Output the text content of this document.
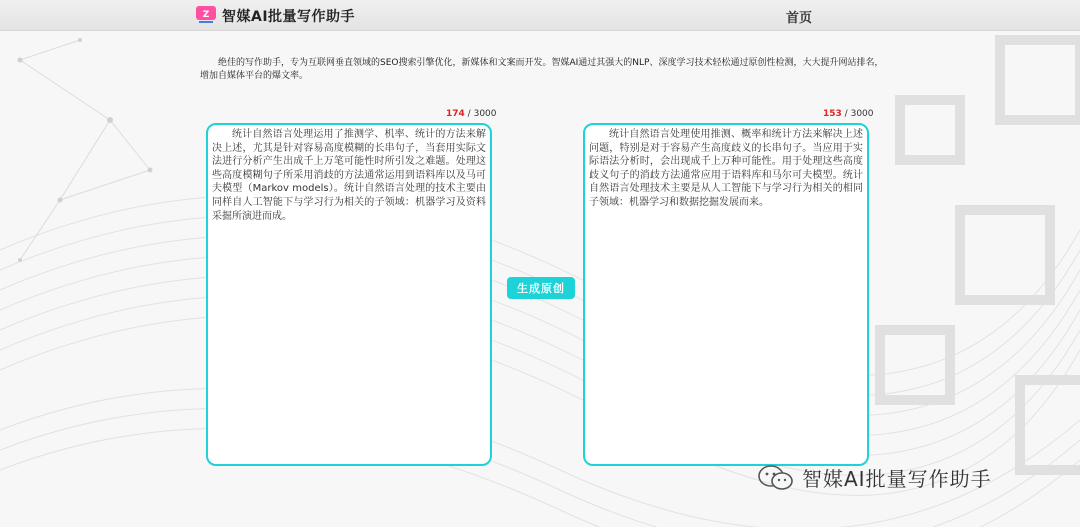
Z 智媒AI批量写作助手	首页
绝佳的写作助手，专为互联网垂直领域的SEO搜索引擎优化，新媒体和文案而开发。智媒AI通过其强大的NLP、深度学习技术轻松通过原创性检测，大大提升网站排名，增加自媒体平台的爆文率。
174 / 3000
统计自然语言处理运用了推测学、机率、统计的方法来解决上述，尤其是针对容易高度模糊的长串句子，当套用实际文法进行分析产生出成千上万笔可能性时所引发之难题。处理这些高度模糊句子所采用消歧的方法通常运用到语料库以及马可夫模型（Markov models）。统计自然语言处理的技术主要由同样自人工智能下与学习行为相关的子领域：机器学习及资料采掘所演进而成。
生成原创
153 / 3000
统计自然语言处理使用推测、概率和统计方法来解决上述问题，特别是对于容易产生高度歧义的长串句子。当应用于实际语法分析时，会出现成千上万种可能性。用于处理这些高度歧义句子的消歧方法通常应用于语料库和马尔可夫模型。统计自然语言处理技术主要是从人工智能下与学习行为相关的相同子领域：机器学习和数据挖掘发展而来。
智媒AI批量写作助手
